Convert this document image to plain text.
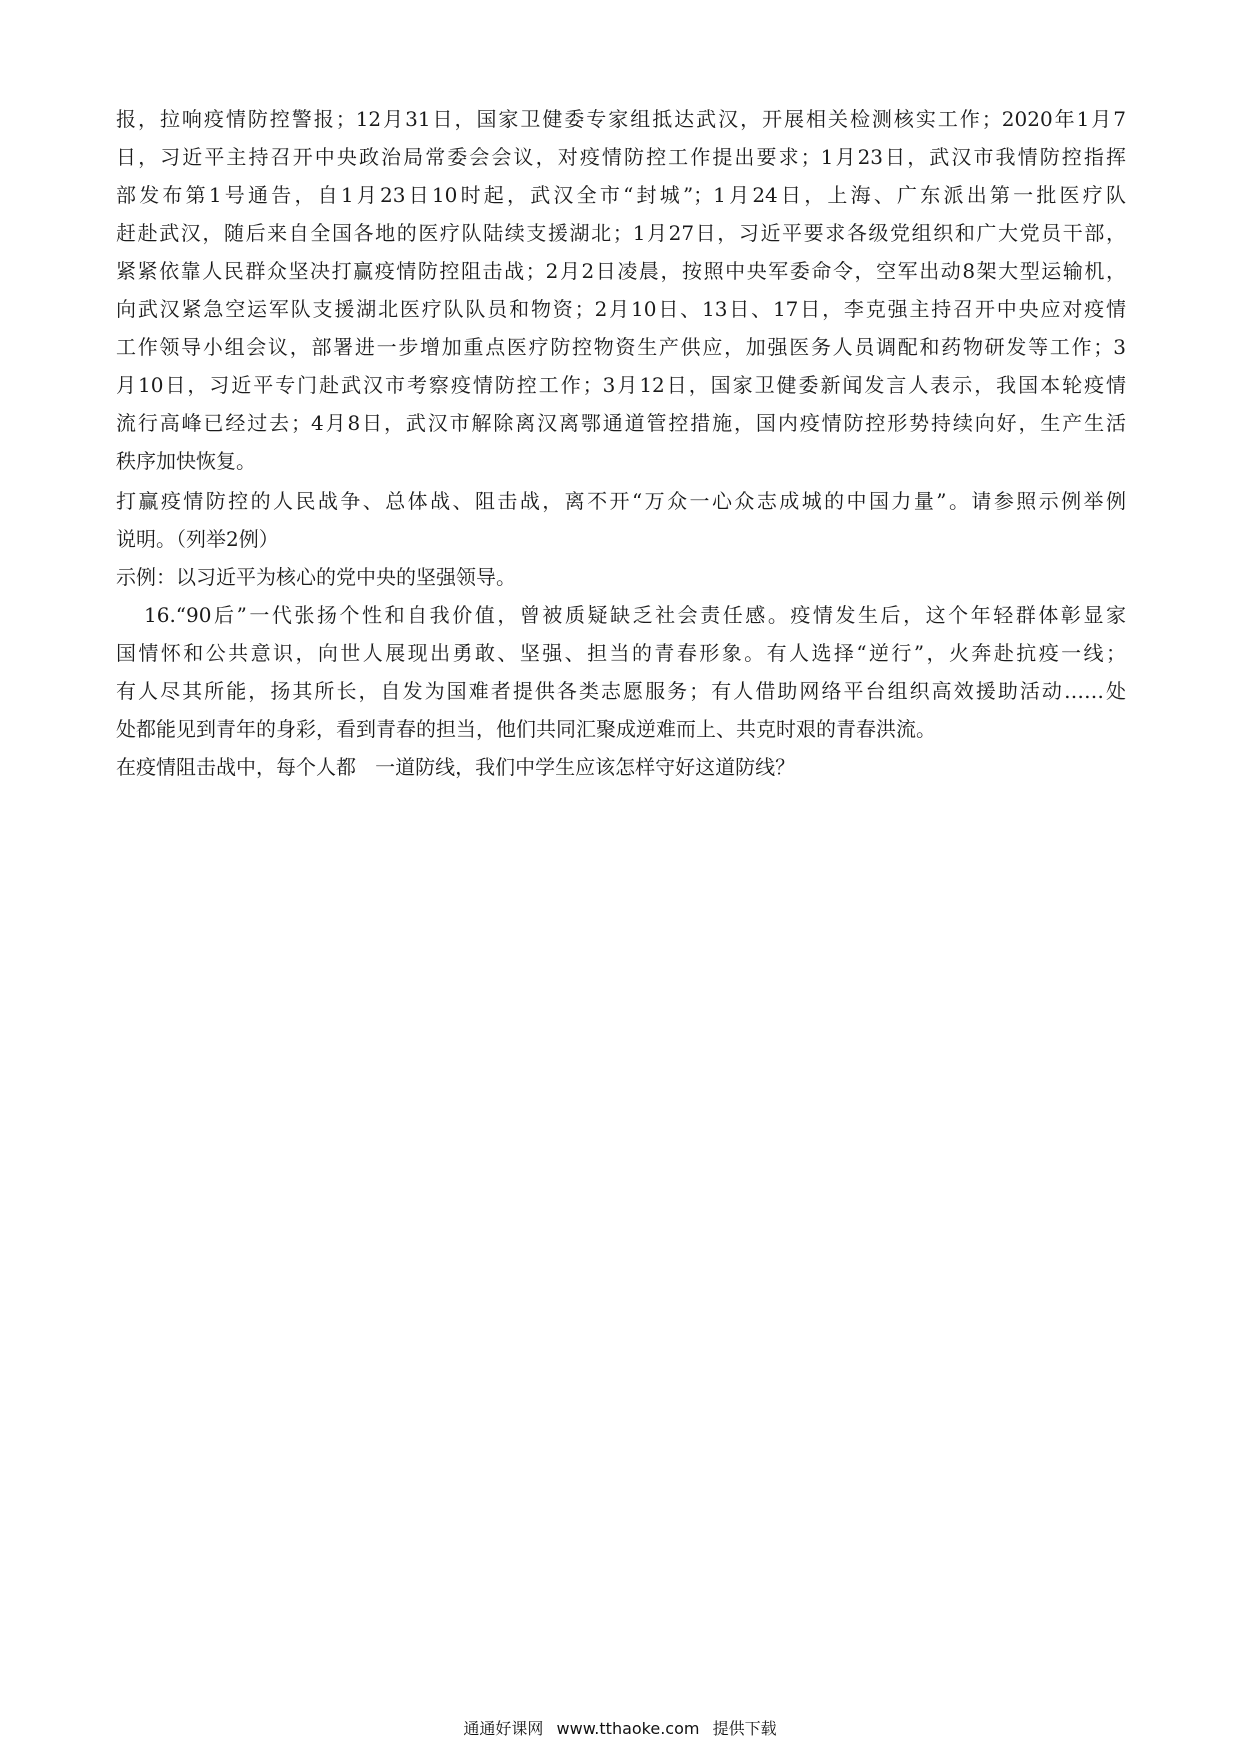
报，拉响疫情防控警报；12月31日，国家卫健委专家组抵达武汉，开展相关检测核实工作；2020年1月7
日，习近平主持召开中央政治局常委会会议，对疫情防控工作提出要求；1月23日，武汉市我情防控指挥
部发布第1号通告，自1月23日10时起，武汉全市“封城”；1月24日，上海、广东派出第一批医疗队
赶赴武汉，随后来自全国各地的医疗队陆续支援湖北；1月27日，习近平要求各级党组织和广大党员干部，
紧紧依靠人民群众坚决打赢疫情防控阻击战；2月2日凌晨，按照中央军委命令，空军出动8架大型运输机，
向武汉紧急空运军队支援湖北医疗队队员和物资；2月10日、13日、17日，李克强主持召开中央应对疫情
工作领导小组会议，部署进一步增加重点医疗防控物资生产供应，加强医务人员调配和药物研发等工作；3
月10日，习近平专门赴武汉市考察疫情防控工作；3月12日，国家卫健委新闻发言人表示，我国本轮疫情
流行高峰已经过去；4月8日，武汉市解除离汉离鄂通道管控措施，国内疫情防控形势持续向好，生产生活
秩序加快恢复。
打赢疫情防控的人民战争、总体战、阻击战，离不开“万众一心众志成城的中国力量”。请参照示例举例
说明。（列举2例）
示例：以习近平为核心的党中央的坚强领导。
16.“90后”一代张扬个性和自我价值，曾被质疑缺乏社会责任感。疫情发生后，这个年轻群体彰显家
国情怀和公共意识，向世人展现出勇敢、坚强、担当的青春形象。有人选择“逆行”，火奔赴抗疫一线；
有人尽其所能，扬其所长，自发为国难者提供各类志愿服务；有人借助网络平台组织高效援助活动……处
处都能见到青年的身彩，看到青春的担当，他们共同汇聚成逆难而上、共克时艰的青春洪流。
在疫情阻击战中，每个人都   一道防线，我们中学生应该怎样守好这道防线？
通通好课网 www.tthaoke.com 提供下载
